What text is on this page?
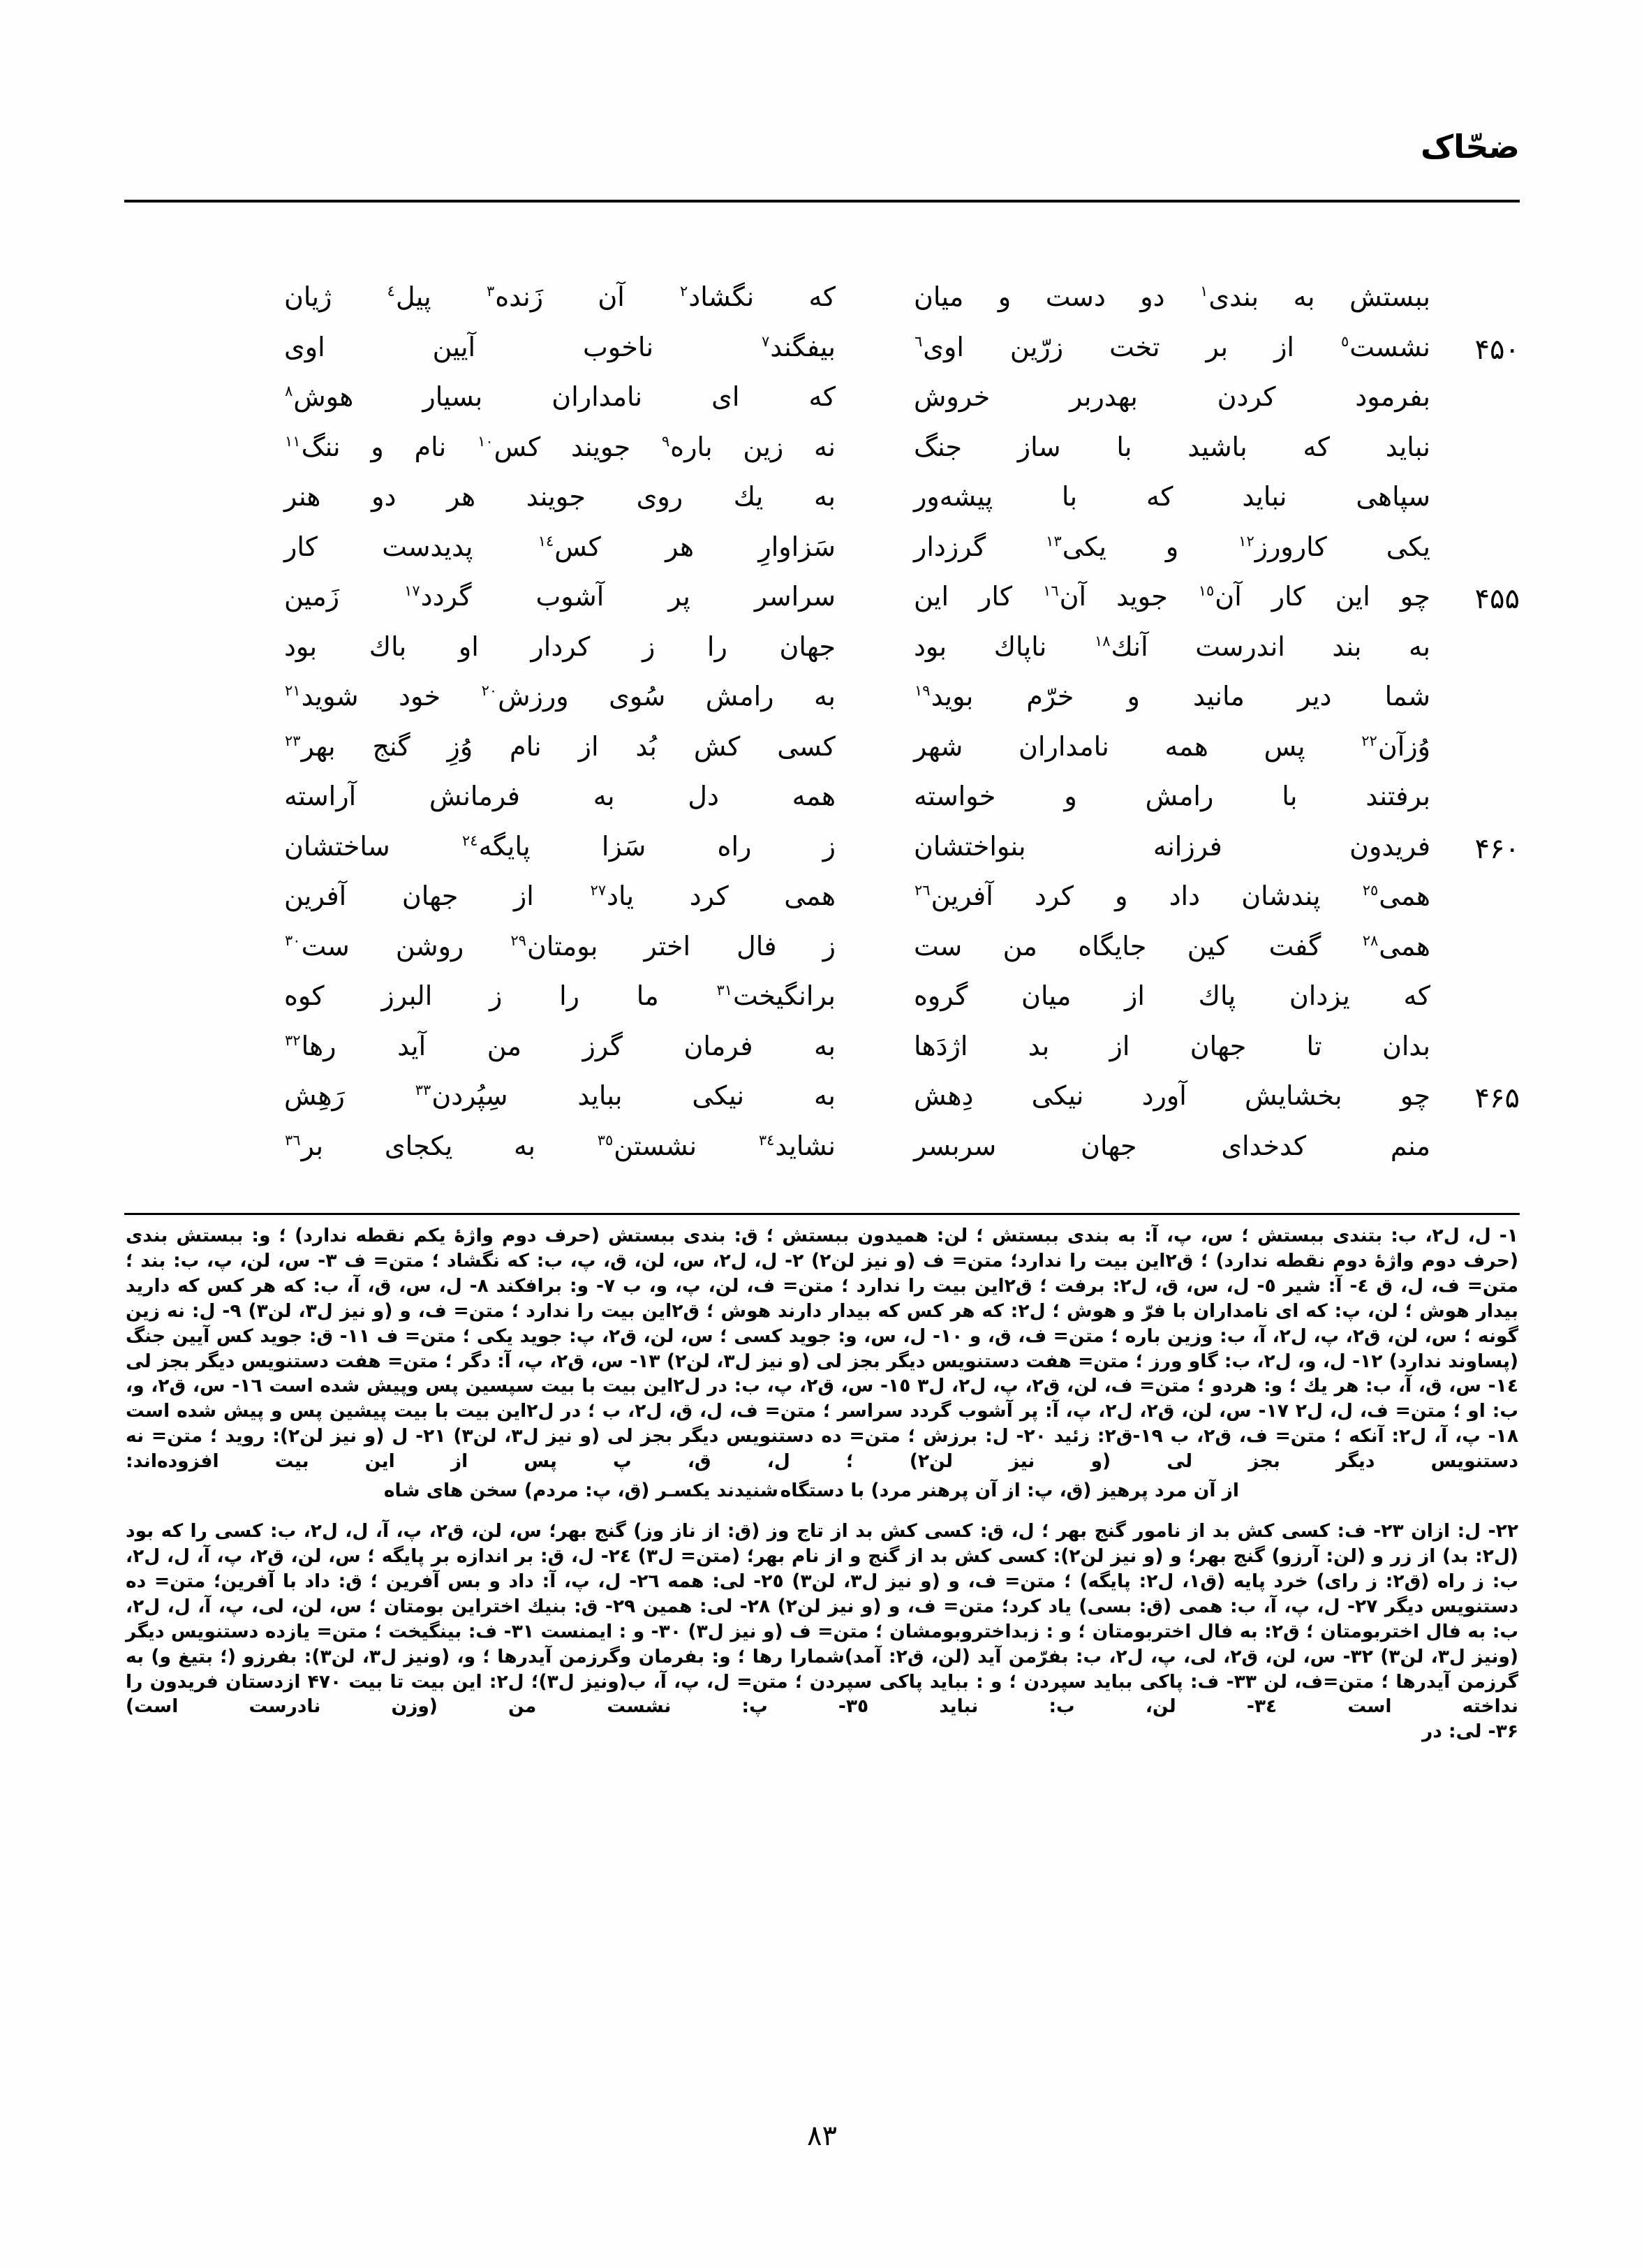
ضحّاک
ببستش به بندی$^۱$ دو دست و میان
که نگشاد$^۲$ آن زَنده$^۳$ پیل$^٤$ ژیان
۴۵۰
نشست$^٥$ از بر تخت زرّین اوی$^٦$
بیفگند$^۷$ ناخوب آیین اوی
بفرمود کردن بهدربر خروش
که ای نامداران بسیار هوش$^۸$
نباید که باشید با ساز جنگ
نه زین باره$^۹$ جویند کس$^{۱۰}$ نام و ننگ$^{۱۱}$
سپاهی نباید که با پیشه‌ور
به یك روی جویند هر دو هنر
یکی کارورز$^{۱۲}$ و یکی$^{۱۳}$ گرزدار
سَزاوارِ هر کس$^{۱٤}$ پدیدست کار
۴۵۵
چو این کار آن$^{۱٥}$ جوید آن$^{۱٦}$ کار این
سراسر پر آشوب گردد$^{۱۷}$ زَمین
به بند اندرست آنك$^{۱۸}$ ناپاك بود
جهان را ز کردار او باك بود
شما دیر مانید و خرّم بوید$^{۱۹}$
به رامش سُوی ورزش$^{۲۰}$ خود شوید$^{۲۱}$
وُزآن$^{۲۲}$ پس همه نامداران شهر
کسی کش بُد از نام وُزِ گنج بهر$^{۲۳}$
برفتند با رامش و خواسته
همه دل به فرمانش آراسته
۴۶۰
فریدون فرزانه بنواختشان
ز راه سَزا پایگه$^{۲٤}$ ساختشان
همی$^{۲٥}$ پندشان داد و کرد آفرین$^{۲٦}$
همی کرد یاد$^{۲۷}$ از جهان آفرین
همی$^{۲۸}$ گفت کین جایگاه من ست
ز فال اختر بومتان$^{۲۹}$ روشن ست$^{۳۰}$
که یزدان پاك از میان گروه
برانگیخت$^{۳۱}$ ما را ز البرز کوه
بدان تا جهان از بد اژدَها
به فرمان گرز من آید رها$^{۳۲}$
۴۶۵
چو بخشایش آورد نیکی دِهش
به نیکی بباید سِپُردن$^{۳۳}$ رَهِش
منم کدخدای جهان سربسر
نشاید$^{۳٤}$ نشستن$^{۳٥}$ به یکجای بر$^{۳٦}$

۱- ل، ل۲، ب: بتندی ببستش ؛ س، پ، آ: به بندی ببستش ؛ لن: همیدون ببستش ؛ ق: بندی ببستش (حرف دوم واژهٔ یکم نقطه ندارد) ؛ و: ببستش بندی (حرف دوم واژهٔ دوم نقطه ندارد) ؛ ق۲این بیت را ندارد؛ متن= ف (و نیز لن۲) ۲- ل، ل۲، س، لن، ق، پ، ب: که نگشاد ؛ متن= ف ۳- س، لن، پ، ب: بند ؛ متن= ف، ل، ق ٤- آ: شیر ٥- ل، س، ق، ل۲: برفت ؛ ق۲این بیت را ندارد ؛ متن= ف، لن، پ، و، ب ۷- و: برافکند ۸- ل، س، ق، آ، ب: که هر کس که دارید بیدار هوش ؛ لن، پ: که ای نامداران با فرّ و هوش ؛ ل۲: که هر کس که بیدار دارند هوش ؛ ق۲این بیت را ندارد ؛ متن= ف، و (و نیز ل۳، لن۳) ۹- ل: نه زین گونه ؛ س، لن، ق۲، پ، ل۲، آ، ب: وزین باره ؛ متن= ف، ق، و ۱۰- ل، س، و: جوید کسی ؛ س، لن، ق۲، پ: جوید یکی ؛ متن= ف ۱۱- ق: جوید کس آیین جنگ (پساوند ندارد) ۱۲- ل، و، ل۲، ب: گاو ورز ؛ متن= هفت دستنویس دیگر بجز لی (و نیز ل۳، لن۲) ۱۳- س، ق۲، پ، آ: دگر ؛ متن= هفت دستنویس دیگر بجز لی ۱٤- س، ق، آ، ب: هر یك ؛ و: هردو ؛ متن= ف، لن، ق۲، پ، ل۲، ل۳ ۱٥- س، ق۲، پ، ب: در ل۲این بیت با بیت سپسین پس وپیش شده است ۱٦- س، ق۲، و، ب: او ؛ متن= ف، ل، ل۲ ۱۷- س، لن، ق۲، ل۲، پ، آ: پر آشوب گردد سراسر ؛ متن= ف، ل، ق، ل۲، ب ؛ در ل۲این بیت با بیت پیشین پس و پیش شده است ۱۸- پ، آ، ل۲: آنکه ؛ متن= ف، ق۲، ب ۱۹-ق۲: زئید ۲۰- ل: برزش ؛ متن= ده دستنویس دیگر بجز لی (و نیز ل۳، لن۳) ۲۱- ل (و نیز لن۲): روید ؛ متن= نه دستنویس دیگر بجز لی (و نیز لن۲) ؛ ل، ق، پ پس از این بیت افزوده‌اند:

شنیدند یکسـر (ق، پ: مردم) سخن های شاه از آن مرد پرهیز (ق، پ: از آن پرهنر مرد) با دستگاه

۲۲- ل: ازان ۲۳- ف: کسی کش بد از نامور گنج بهر ؛ ل، ق: کسی کش بد از تاج وز (ق: از ناز وز) گنج بهر؛ س، لن، ق۲، پ، آ، ل، ل۲، ب: کسی را که بود (ل۲: بد) از زر و (لن: آرزو) گنج بهر؛ و (و نیز لن۲): کسی کش بد از گنج و از نام بهر؛ (متن= ل۳) ۲٤- ل، ق: بر اندازه بر پایگه ؛ س، لن، ق۲، پ، آ، ل، ل۲، ب: ز راه (ق۲: ز رای) خرد پایه (ق۱، ل۲: پایگه) ؛ متن= ف، و (و نیز ل۳، لن۳) ۲٥- لی: همه ۲٦- ل، پ، آ: داد و بس آفرین ؛ ق: داد با آفرین؛ متن= ده دستنویس دیگر ۲۷- ل، پ، آ، ب: همی (ق: بسی) یاد کرد؛ متن= ف، و (و نیز لن۲) ۲۸- لی: همین ۲۹- ق: بنیك اختراین بومتان ؛ س، لن، لی، پ، آ، ل، ل۲، ب: به فال اختربومتان ؛ ق۲: به فال اختربومتان ؛ و : زبداختروبومشان ؛ متن= ف (و نیز ل۳) ۳۰- و : ایمنست ۳۱- ف: بینگیخت ؛ متن= یازده دستنویس دیگر (ونیز ل۳، لن۳) ۳۲- س، لن، ق۲، لی، پ، ل۲، ب: بفرّمن آید (لن، ق۲: آمد)شمارا رها ؛ و: بفرمان وگرزمن آیدرها ؛ و، (ونیز ل۳، لن۳): بفرزو (؛ بتیغ و) به گرزمن آیدرها ؛ متن=ف، لن ۳۳- ف: پاکی بباید سپردن ؛ و : بباید پاکی سپردن ؛ متن= ل، پ، آ، ب(ونیز ل۳)؛ ل۲: این بیت تا بیت ۴۷۰ ازدستان فریدون را نداخته است ۳٤- لن، ب: نباید ۳٥- پ: نشست من (وزن نادرست است)

۳۶- لی: در

۸۳
